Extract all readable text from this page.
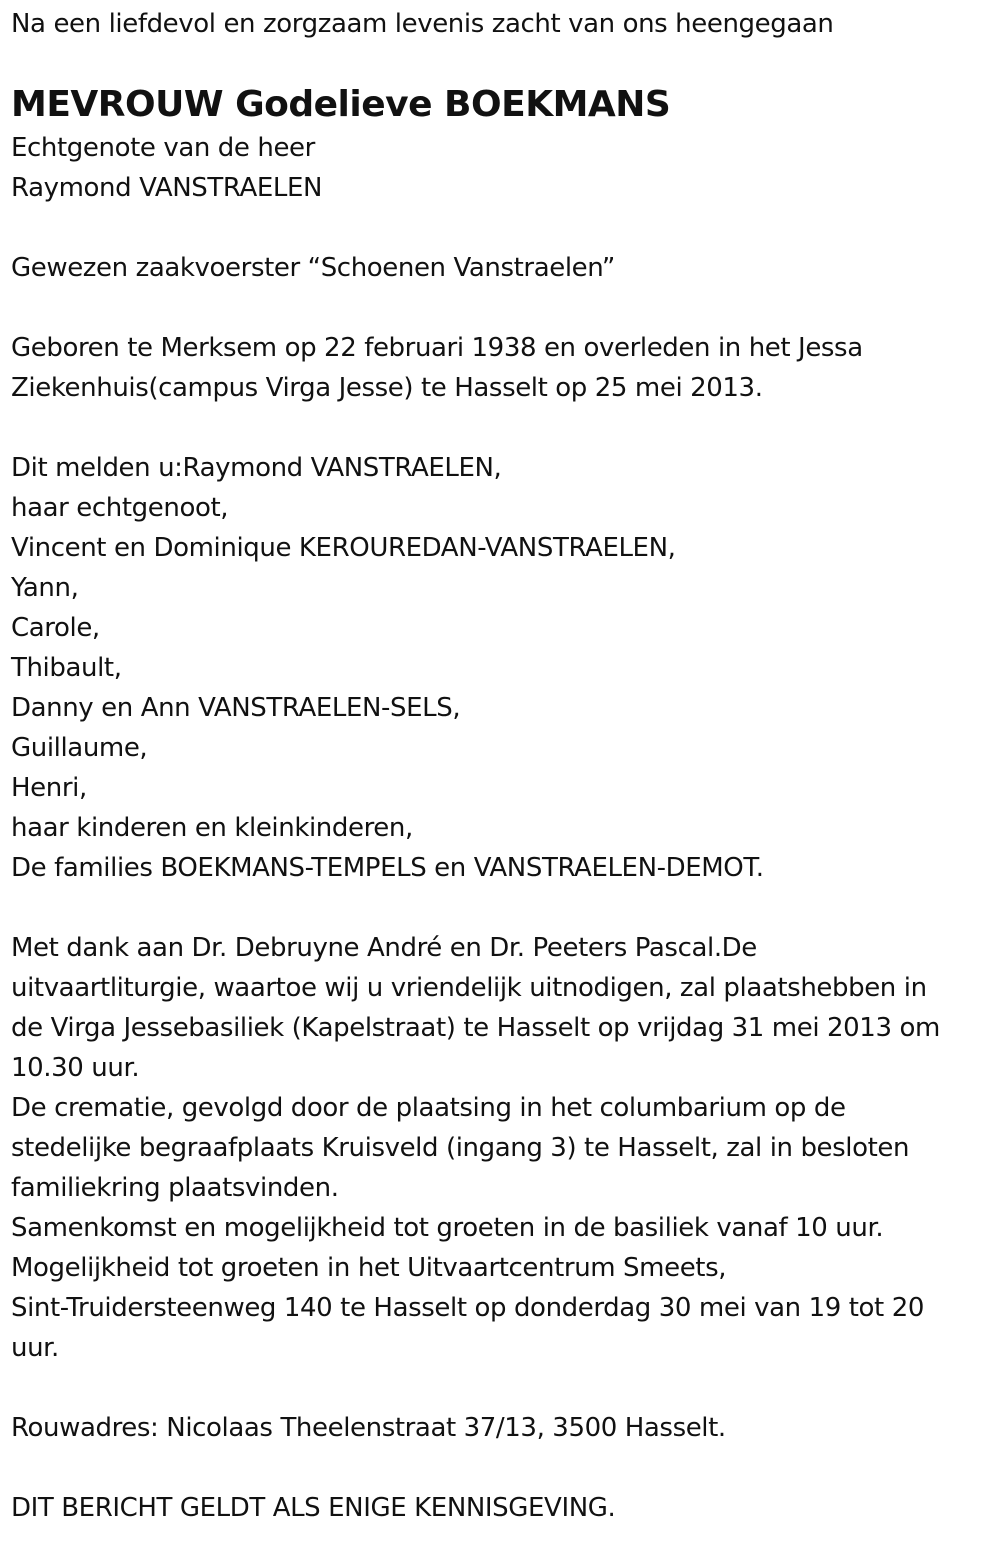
Na een liefdevol en zorgzaam levenis zacht van ons heengegaan
MEVROUW Godelieve BOEKMANS
Echtgenote van de heer
Raymond VANSTRAELEN
Gewezen zaakvoerster “Schoenen Vanstraelen”
Geboren te Merksem op 22 februari 1938 en overleden in het Jessa
Ziekenhuis(campus Virga Jesse) te Hasselt op 25 mei 2013.
Dit melden u:Raymond VANSTRAELEN,
haar echtgenoot,
Vincent en Dominique KEROUREDAN-VANSTRAELEN,
Yann,
Carole,
Thibault,
Danny en Ann VANSTRAELEN-SELS,
Guillaume,
Henri,
haar kinderen en kleinkinderen,
De families BOEKMANS-TEMPELS en VANSTRAELEN-DEMOT.
Met dank aan Dr. Debruyne André en Dr. Peeters Pascal.De
uitvaartliturgie, waartoe wij u vriendelijk uitnodigen, zal plaatshebben in
de Virga Jessebasiliek (Kapelstraat) te Hasselt op vrijdag 31 mei 2013 om
10.30 uur.
De crematie, gevolgd door de plaatsing in het columbarium op de
stedelijke begraafplaats Kruisveld (ingang 3) te Hasselt, zal in besloten
familiekring plaatsvinden.
Samenkomst en mogelijkheid tot groeten in de basiliek vanaf 10 uur.
Mogelijkheid tot groeten in het Uitvaartcentrum Smeets,
Sint-Truidersteenweg 140 te Hasselt op donderdag 30 mei van 19 tot 20
uur.
Rouwadres: Nicolaas Theelenstraat 37/13, 3500 Hasselt.
DIT BERICHT GELDT ALS ENIGE KENNISGEVING.
